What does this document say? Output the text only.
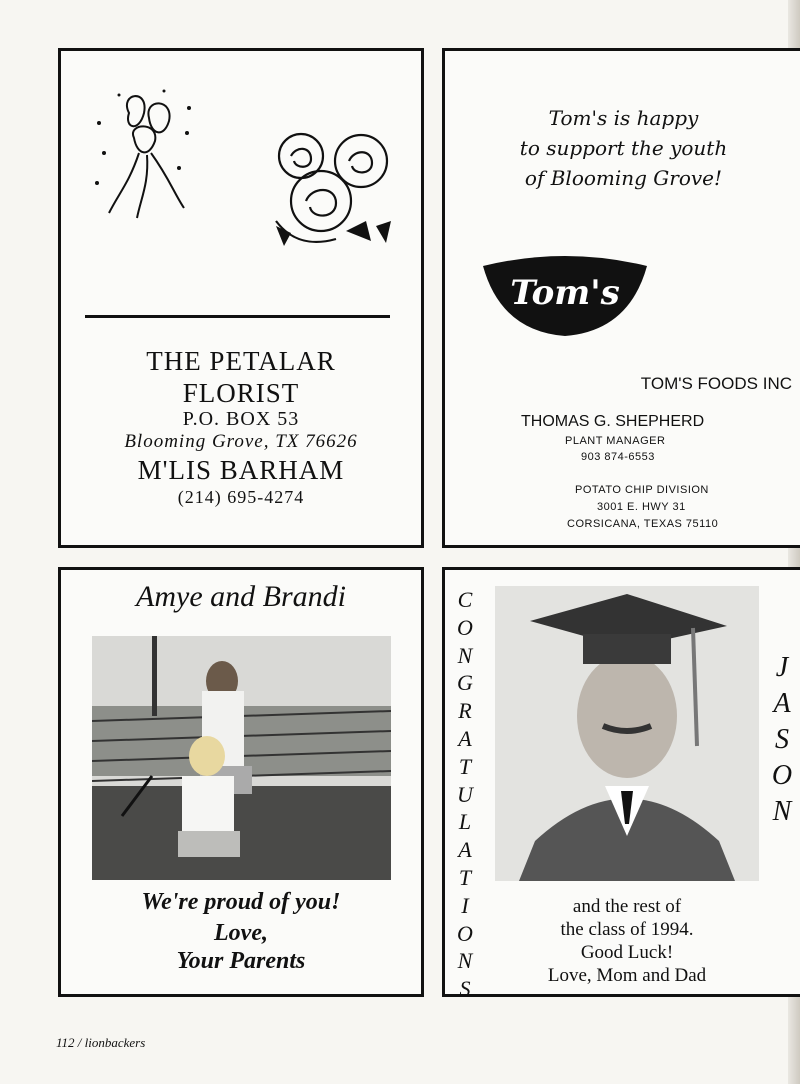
THE PETALAR
FLORIST
P.O. BOX 53
Blooming Grove, TX 76626
M'LIS BARHAM
(214) 695-4274
Tom's is happy
to support the youth
of Blooming Grove!
Tom's
TOM'S FOODS INC
THOMAS G. SHEPHERD
PLANT MANAGER
903 874-6553
POTATO CHIP DIVISION
3001 E. HWY 31
CORSICANA, TEXAS 75110
Amye and Brandi
We're proud of you!
Love,
Your Parents
C
O
N
G
R
A
T
U
L
A
T
I
O
N
S
J
A
S
O
N
and the rest of
the class of 1994.
Good Luck!
Love, Mom and Dad
112 / lionbackers
